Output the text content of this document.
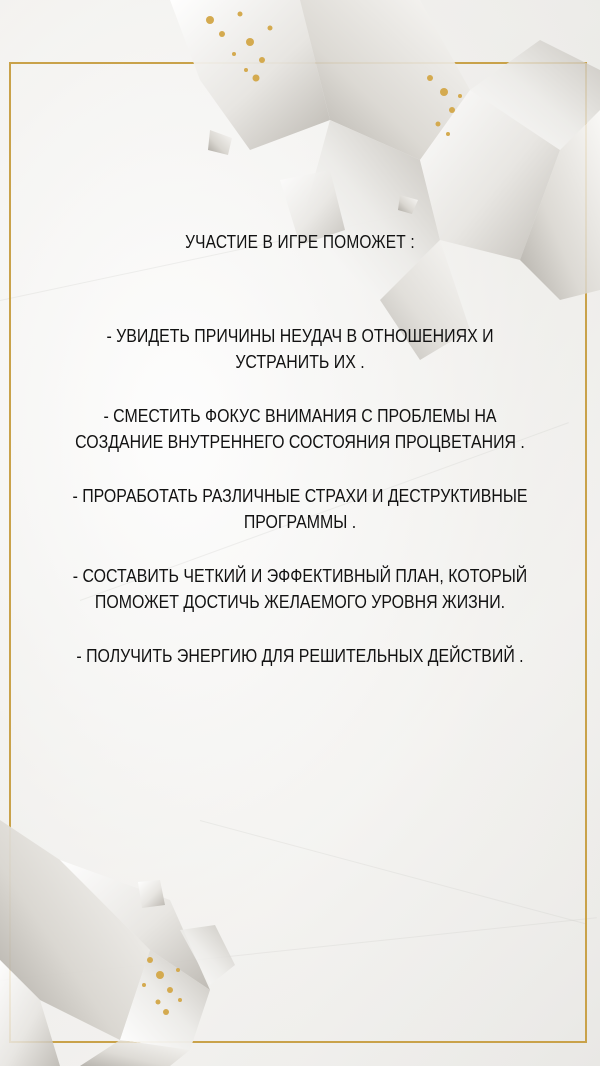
УЧАСТИЕ В ИГРЕ ПОМОЖЕТ :
- УВИДЕТЬ ПРИЧИНЫ НЕУДАЧ В ОТНОШЕНИЯХ И УСТРАНИТЬ ИХ .
- СМЕСТИТЬ ФОКУС ВНИМАНИЯ С ПРОБЛЕМЫ НА СОЗДАНИЕ ВНУТРЕННЕГО СОСТОЯНИЯ ПРОЦВЕТАНИЯ .
- ПРОРАБОТАТЬ РАЗЛИЧНЫЕ СТРАХИ И ДЕСТРУКТИВНЫЕ ПРОГРАММЫ .
- СОСТАВИТЬ ЧЕТКИЙ И ЭФФЕКТИВНЫЙ ПЛАН, КОТОРЫЙ ПОМОЖЕТ ДОСТИЧЬ ЖЕЛАЕМОГО УРОВНЯ ЖИЗНИ.
- ПОЛУЧИТЬ ЭНЕРГИЮ ДЛЯ РЕШИТЕЛЬНЫХ ДЕЙСТВИЙ .
